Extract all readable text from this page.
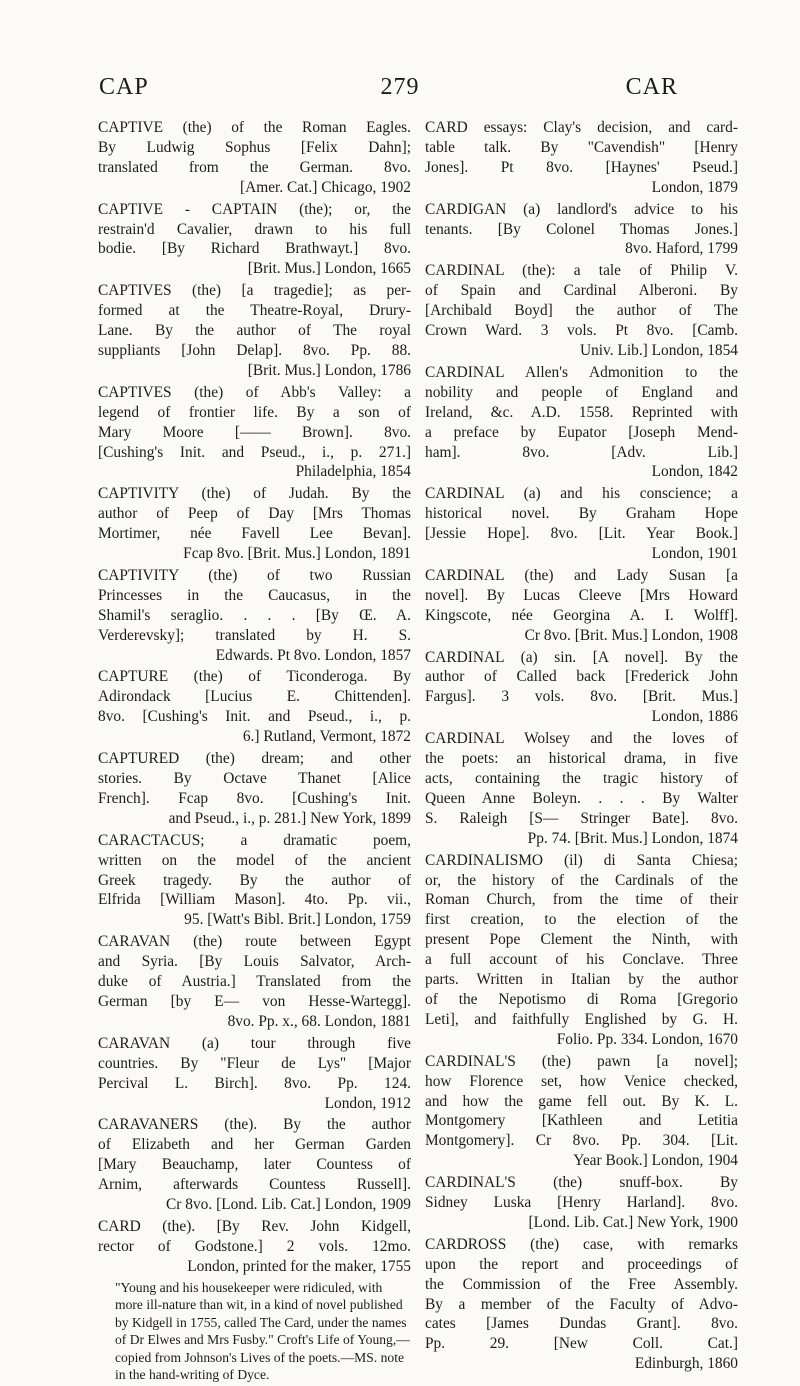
CAP	279	CAR
CAPTIVE (the) of the Roman Eagles.
By Ludwig Sophus [Felix Dahn];
translated from the German. 8vo.
[Amer. Cat.] Chicago, 1902
CAPTIVE - CAPTAIN (the); or, the
restrain'd Cavalier, drawn to his full
bodie. [By Richard Brathwayt.] 8vo.
[Brit. Mus.] London, 1665
CAPTIVES (the) [a tragedie]; as per-
formed at the Theatre-Royal, Drury-
Lane. By the author of The royal
suppliants [John Delap]. 8vo. Pp. 88.
[Brit. Mus.] London, 1786
CAPTIVES (the) of Abb's Valley: a
legend of frontier life. By a son of
Mary Moore [—— Brown]. 8vo.
[Cushing's Init. and Pseud., i., p. 271.]
Philadelphia, 1854
CAPTIVITY (the) of Judah. By the
author of Peep of Day [Mrs Thomas
Mortimer, née Favell Lee Bevan].
Fcap 8vo. [Brit. Mus.] London, 1891
CAPTIVITY (the) of two Russian
Princesses in the Caucasus, in the
Shamil's seraglio. . . . [By Œ. A.
Verderevsky]; translated by H. S.
Edwards. Pt 8vo. London, 1857
CAPTURE (the) of Ticonderoga. By
Adirondack [Lucius E. Chittenden].
8vo. [Cushing's Init. and Pseud., i., p.
6.] Rutland, Vermont, 1872
CAPTURED (the) dream; and other
stories. By Octave Thanet [Alice
French]. Fcap 8vo. [Cushing's Init.
and Pseud., i., p. 281.] New York, 1899
CARACTACUS; a dramatic poem,
written on the model of the ancient
Greek tragedy. By the author of
Elfrida [William Mason]. 4to. Pp. vii.,
95. [Watt's Bibl. Brit.] London, 1759
CARAVAN (the) route between Egypt
and Syria. [By Louis Salvator, Arch-
duke of Austria.] Translated from the
German [by E— von Hesse-Wartegg].
8vo. Pp. x., 68. London, 1881
CARAVAN (a) tour through five
countries. By "Fleur de Lys" [Major
Percival L. Birch]. 8vo. Pp. 124.
London, 1912
CARAVANERS (the). By the author
of Elizabeth and her German Garden
[Mary Beauchamp, later Countess of
Arnim, afterwards Countess Russell].
Cr 8vo. [Lond. Lib. Cat.] London, 1909
CARD (the). [By Rev. John Kidgell,
rector of Godstone.] 2 vols. 12mo.
London, printed for the maker, 1755
"Young and his housekeeper were ridiculed, with more ill-nature than wit, in a kind of novel published by Kidgell in 1755, called The Card, under the names of Dr Elwes and Mrs Fusby." Croft's Life of Young,—copied from Johnson's Lives of the poets.—MS. note in the hand-writing of Dyce.
CARD essays: Clay's decision, and card-
table talk. By "Cavendish" [Henry
Jones]. Pt 8vo. [Haynes' Pseud.]
London, 1879
CARDIGAN (a) landlord's advice to his
tenants. [By Colonel Thomas Jones.]
8vo. Haford, 1799
CARDINAL (the): a tale of Philip V.
of Spain and Cardinal Alberoni. By
[Archibald Boyd] the author of The
Crown Ward. 3 vols. Pt 8vo. [Camb.
Univ. Lib.] London, 1854
CARDINAL Allen's Admonition to the
nobility and people of England and
Ireland, &c. A.D. 1558. Reprinted with
a preface by Eupator [Joseph Mend-
ham]. 8vo. [Adv. Lib.]
London, 1842
CARDINAL (a) and his conscience; a
historical novel. By Graham Hope
[Jessie Hope]. 8vo. [Lit. Year Book.]
London, 1901
CARDINAL (the) and Lady Susan [a
novel]. By Lucas Cleeve [Mrs Howard
Kingscote, née Georgina A. I. Wolff].
Cr 8vo. [Brit. Mus.] London, 1908
CARDINAL (a) sin. [A novel]. By the
author of Called back [Frederick John
Fargus]. 3 vols. 8vo. [Brit. Mus.]
London, 1886
CARDINAL Wolsey and the loves of
the poets: an historical drama, in five
acts, containing the tragic history of
Queen Anne Boleyn. . . . By Walter
S. Raleigh [S— Stringer Bate]. 8vo.
Pp. 74. [Brit. Mus.] London, 1874
CARDINALISMO (il) di Santa Chiesa;
or, the history of the Cardinals of the
Roman Church, from the time of their
first creation, to the election of the
present Pope Clement the Ninth, with
a full account of his Conclave. Three
parts. Written in Italian by the author
of the Nepotismo di Roma [Gregorio
Leti], and faithfully Englished by G. H.
Folio. Pp. 334. London, 1670
CARDINAL'S (the) pawn [a novel];
how Florence set, how Venice checked,
and how the game fell out. By K. L.
Montgomery [Kathleen and Letitia
Montgomery]. Cr 8vo. Pp. 304. [Lit.
Year Book.] London, 1904
CARDINAL'S (the) snuff-box. By
Sidney Luska [Henry Harland]. 8vo.
[Lond. Lib. Cat.] New York, 1900
CARDROSS (the) case, with remarks
upon the report and proceedings of
the Commission of the Free Assembly.
By a member of the Faculty of Advo-
cates [James Dundas Grant]. 8vo.
Pp. 29. [New Coll. Cat.]
Edinburgh, 1860
